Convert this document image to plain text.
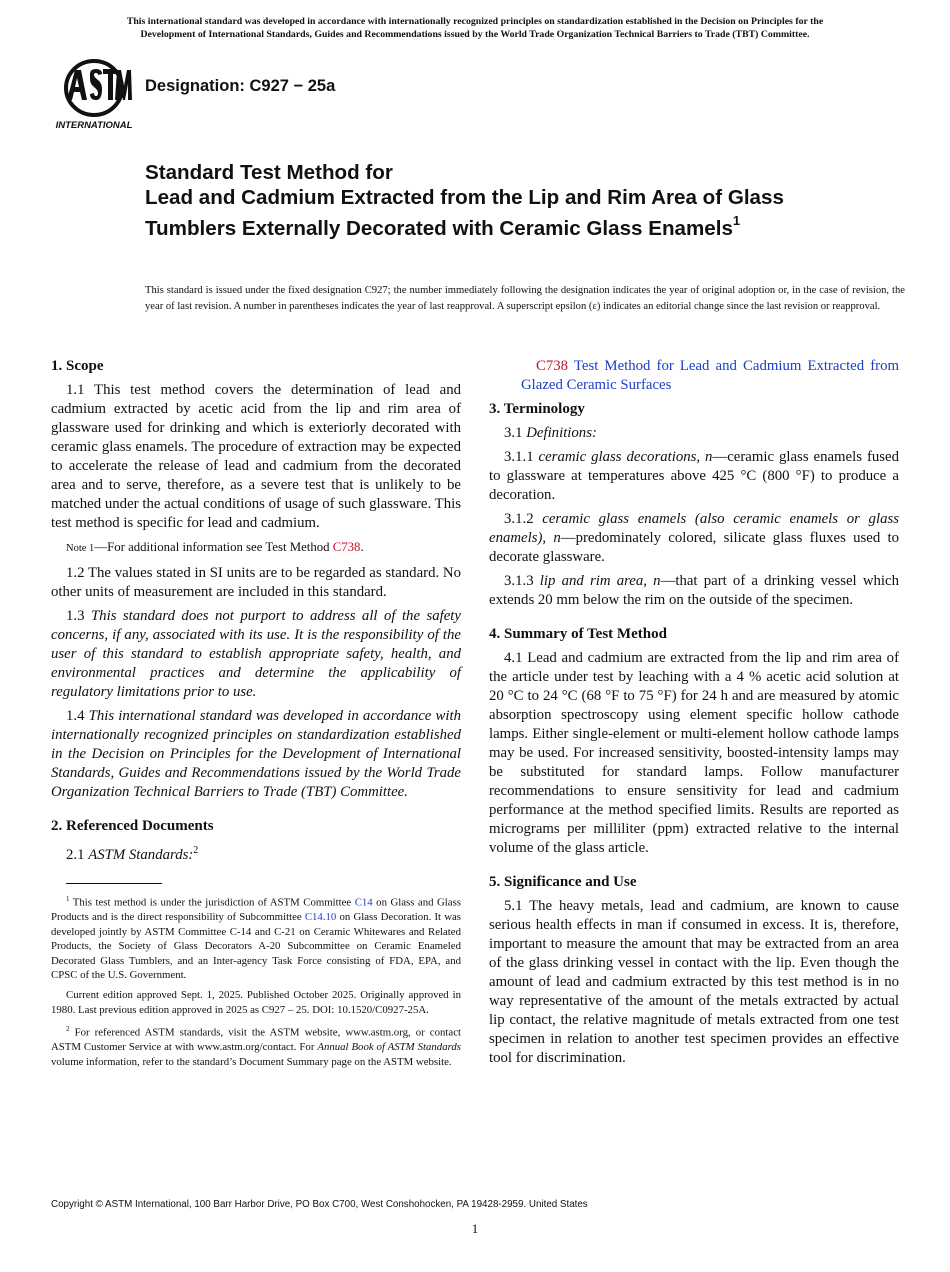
This international standard was developed in accordance with internationally recognized principles on standardization established in the Decision on Principles for the
Development of International Standards, Guides and Recommendations issued by the World Trade Organization Technical Barriers to Trade (TBT) Committee.
INTERNATIONAL
Designation: C927 − 25a
Standard Test Method for
Lead and Cadmium Extracted from the Lip and Rim Area of Glass Tumblers Externally Decorated with Ceramic Glass Enamels$^1$
This standard is issued under the fixed designation C927; the number immediately following the designation indicates the year of original adoption or, in the case of revision, the year of last revision. A number in parentheses indicates the year of last reapproval. A superscript epsilon (ε) indicates an editorial change since the last revision or reapproval.
1. Scope

1.1 This test method covers the determination of lead and cadmium extracted by acetic acid from the lip and rim area of glassware used for drinking and which is exteriorly decorated with ceramic glass enamels. The procedure of extraction may be expected to accelerate the release of lead and cadmium from the decorated area and to serve, therefore, as a severe test that is unlikely to be matched under the actual conditions of usage of such glassware. This test method is specific for lead and cadmium.

Note 1—For additional information see Test Method C738.

1.2 The values stated in SI units are to be regarded as standard. No other units of measurement are included in this standard.

1.3 This standard does not purport to address all of the safety concerns, if any, associated with its use. It is the responsibility of the user of this standard to establish appropriate safety, health, and environmental practices and determine the applicability of regulatory limitations prior to use.

1.4 This international standard was developed in accordance with internationally recognized principles on standardization established in the Decision on Principles for the Development of International Standards, Guides and Recommendations issued by the World Trade Organization Technical Barriers to Trade (TBT) Committee.

2. Referenced Documents

2.1 ASTM Standards:$^2$

$^1$ This test method is under the jurisdiction of ASTM Committee C14 on Glass and Glass Products and is the direct responsibility of Subcommittee C14.10 on Glass Decoration. It was developed jointly by ASTM Committee C-14 and C-21 on Ceramic Whitewares and Related Products, the Society of Glass Decorators A-20 Subcommittee on Ceramic Enameled Decorated Glass Tumblers, and an Inter-agency Task Force consisting of FDA, EPA, and CPSC of the U.S. Government.

Current edition approved Sept. 1, 2025. Published October 2025. Originally approved in 1980. Last previous edition approved in 2025 as C927 – 25. DOI: 10.1520/C0927-25A.

$^2$ For referenced ASTM standards, visit the ASTM website, www.astm.org, or contact ASTM Customer Service at with www.astm.org/contact. For Annual Book of ASTM Standards volume information, refer to the standard’s Document Summary page on the ASTM website.

C738 Test Method for Lead and Cadmium Extracted from Glazed Ceramic Surfaces

3. Terminology

3.1 Definitions:

3.1.1 ceramic glass decorations, n—ceramic glass enamels fused to glassware at temperatures above 425 °C (800 °F) to produce a decoration.

3.1.2 ceramic glass enamels (also ceramic enamels or glass enamels), n—predominately colored, silicate glass fluxes used to decorate glassware.

3.1.3 lip and rim area, n—that part of a drinking vessel which extends 20 mm below the rim on the outside of the specimen.

4. Summary of Test Method

4.1 Lead and cadmium are extracted from the lip and rim area of the article under test by leaching with a 4 % acetic acid solution at 20 °C to 24 °C (68 °F to 75 °F) for 24 h and are measured by atomic absorption spectroscopy using element specific hollow cathode lamps. Either single-element or multi-element hollow cathode lamps may be used. For increased sensitivity, boosted-intensity lamps may be substituted for standard lamps. Follow manufacturer recommendations to ensure sensitivity for lead and cadmium performance at the method specified limits. Results are reported as micrograms per milliliter (ppm) extracted relative to the internal volume of the glass article.

5. Significance and Use

5.1 The heavy metals, lead and cadmium, are known to cause serious health effects in man if consumed in excess. It is, therefore, important to measure the amount that may be extracted from an area of the glass drinking vessel in contact with the lip. Even though the amount of lead and cadmium extracted by this test method is in no way representative of the amount of the metals extracted by actual lip contact, the relative magnitude of metals extracted from one test specimen in relation to another test specimen provides an effective tool for discrimination.

Copyright © ASTM International, 100 Barr Harbor Drive, PO Box C700, West Conshohocken, PA 19428-2959. United States
1
